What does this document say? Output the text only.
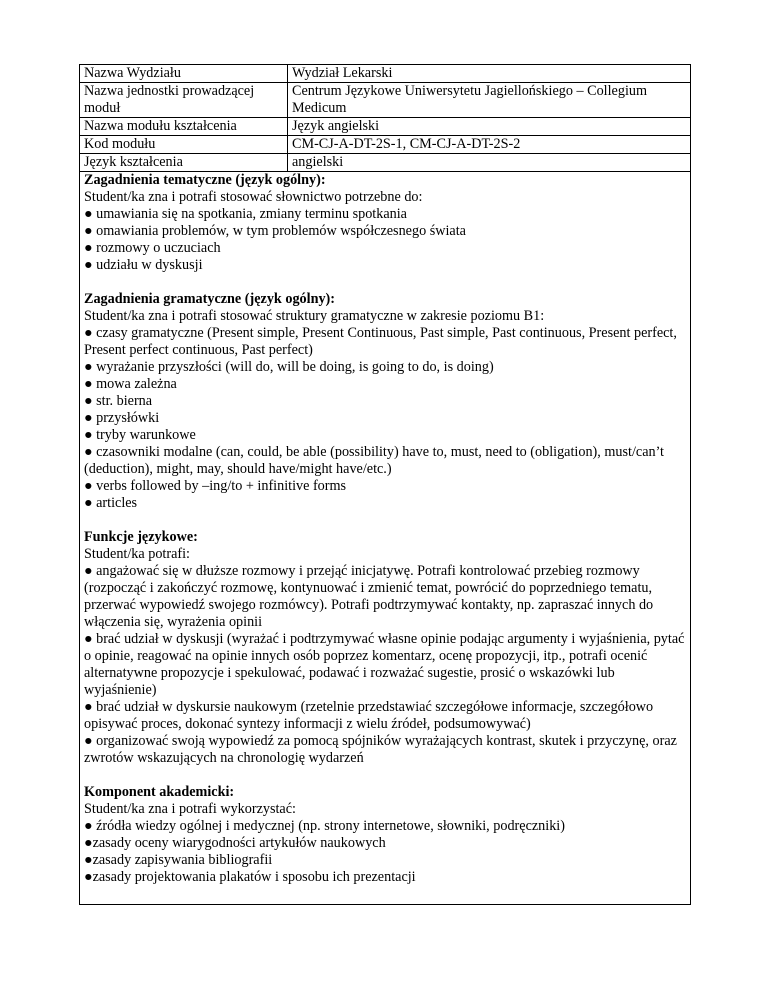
Nazwa Wydziału	Wydział Lekarski
Nazwa jednostki prowadzącej moduł	Centrum Językowe Uniwersytetu Jagiellońskiego – Collegium Medicum
Nazwa modułu kształcenia	Język angielski
Kod modułu	CM-CJ-A-DT-2S-1, CM-CJ-A-DT-2S-2
Język kształcenia	angielski

Zagadnienia tematyczne (język ogólny):

Student/ka zna i potrafi stosować słownictwo potrzebne do:

● umawiania się na spotkania, zmiany terminu spotkania

● omawiania problemów, w tym problemów współczesnego świata

● rozmowy o uczuciach

● udziału w dyskusji

Zagadnienia gramatyczne (język ogólny):

Student/ka zna i potrafi stosować struktury gramatyczne w zakresie poziomu B1:

● czasy gramatyczne (Present simple, Present Continuous, Past simple, Past continuous, Present perfect, Present perfect continuous, Past perfect)

● wyrażanie przyszłości (will do, will be doing, is going to do, is doing)

● mowa zależna

● str. bierna

● przysłówki

● tryby warunkowe

● czasowniki modalne (can, could, be able (possibility) have to, must, need to (obligation), must/can’t (deduction), might, may, should have/might have/etc.)

● verbs followed by –ing/to + infinitive forms

● articles

Funkcje językowe:

Student/ka potrafi:

● angażować się w dłuższe rozmowy i przejąć inicjatywę. Potrafi kontrolować przebieg rozmowy (rozpocząć i zakończyć rozmowę, kontynuować i zmienić temat, powrócić do poprzedniego tematu, przerwać wypowiedź swojego rozmówcy). Potrafi podtrzymywać kontakty, np. zapraszać innych do włączenia się, wyrażenia opinii

● brać udział w dyskusji (wyrażać i podtrzymywać własne opinie podając argumenty i wyjaśnienia, pytać o opinie, reagować na opinie innych osób poprzez komentarz, ocenę propozycji, itp., potrafi ocenić alternatywne propozycje i spekulować, podawać i rozważać sugestie, prosić o wskazówki lub wyjaśnienie)

● brać udział w dyskursie naukowym (rzetelnie przedstawiać szczegółowe informacje, szczegółowo opisywać proces, dokonać syntezy informacji z wielu źródeł, podsumowywać)

● organizować swoją wypowiedź za pomocą spójników wyrażających kontrast, skutek i przyczynę, oraz zwrotów wskazujących na chronologię wydarzeń

Komponent akademicki:

Student/ka zna i potrafi wykorzystać:

● źródła wiedzy ogólnej i medycznej (np. strony internetowe, słowniki, podręczniki)

●zasady oceny wiarygodności artykułów naukowych

●zasady zapisywania bibliografii

●zasady projektowania plakatów i sposobu ich prezentacji
